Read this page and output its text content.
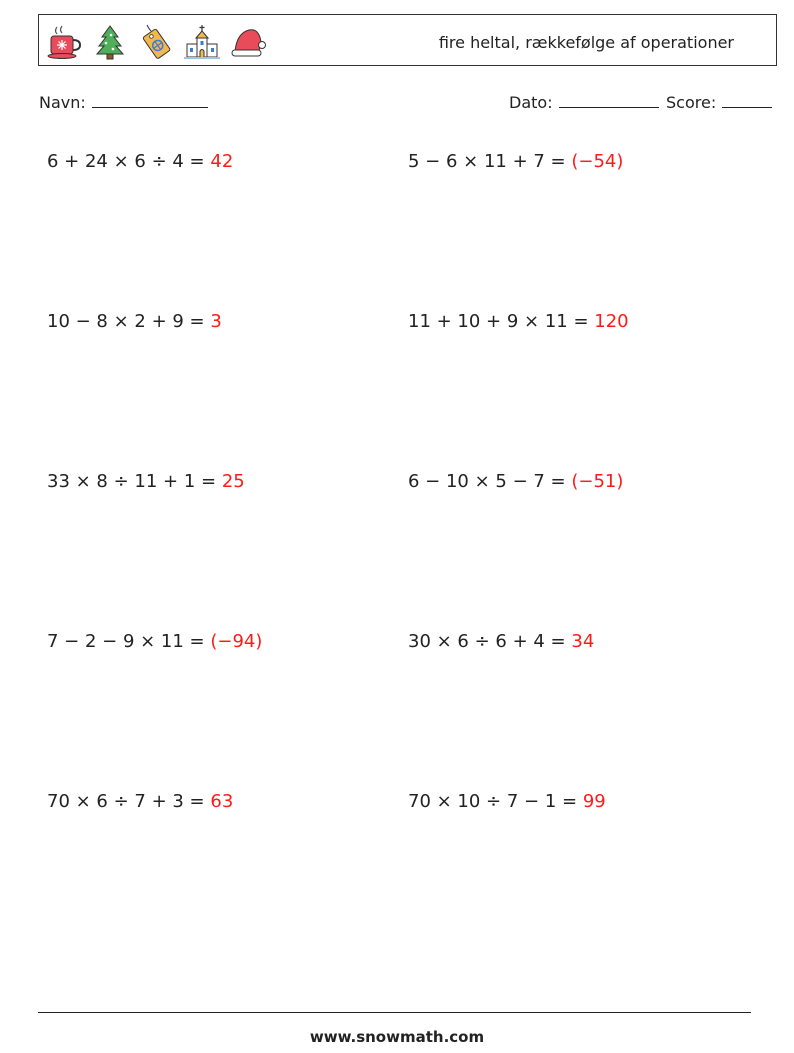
fire heltal, rækkefølge af operationer
Navn:	Dato:	Score:
6 + 24 × 6 ÷ 4 = 42	5 − 6 × 11 + 7 = (−54)
10 − 8 × 2 + 9 = 3	11 + 10 + 9 × 11 = 120
33 × 8 ÷ 11 + 1 = 25	6 − 10 × 5 − 7 = (−51)
7 − 2 − 9 × 11 = (−94)	30 × 6 ÷ 6 + 4 = 34
70 × 6 ÷ 7 + 3 = 63	70 × 10 ÷ 7 − 1 = 99
www.snowmath.com
